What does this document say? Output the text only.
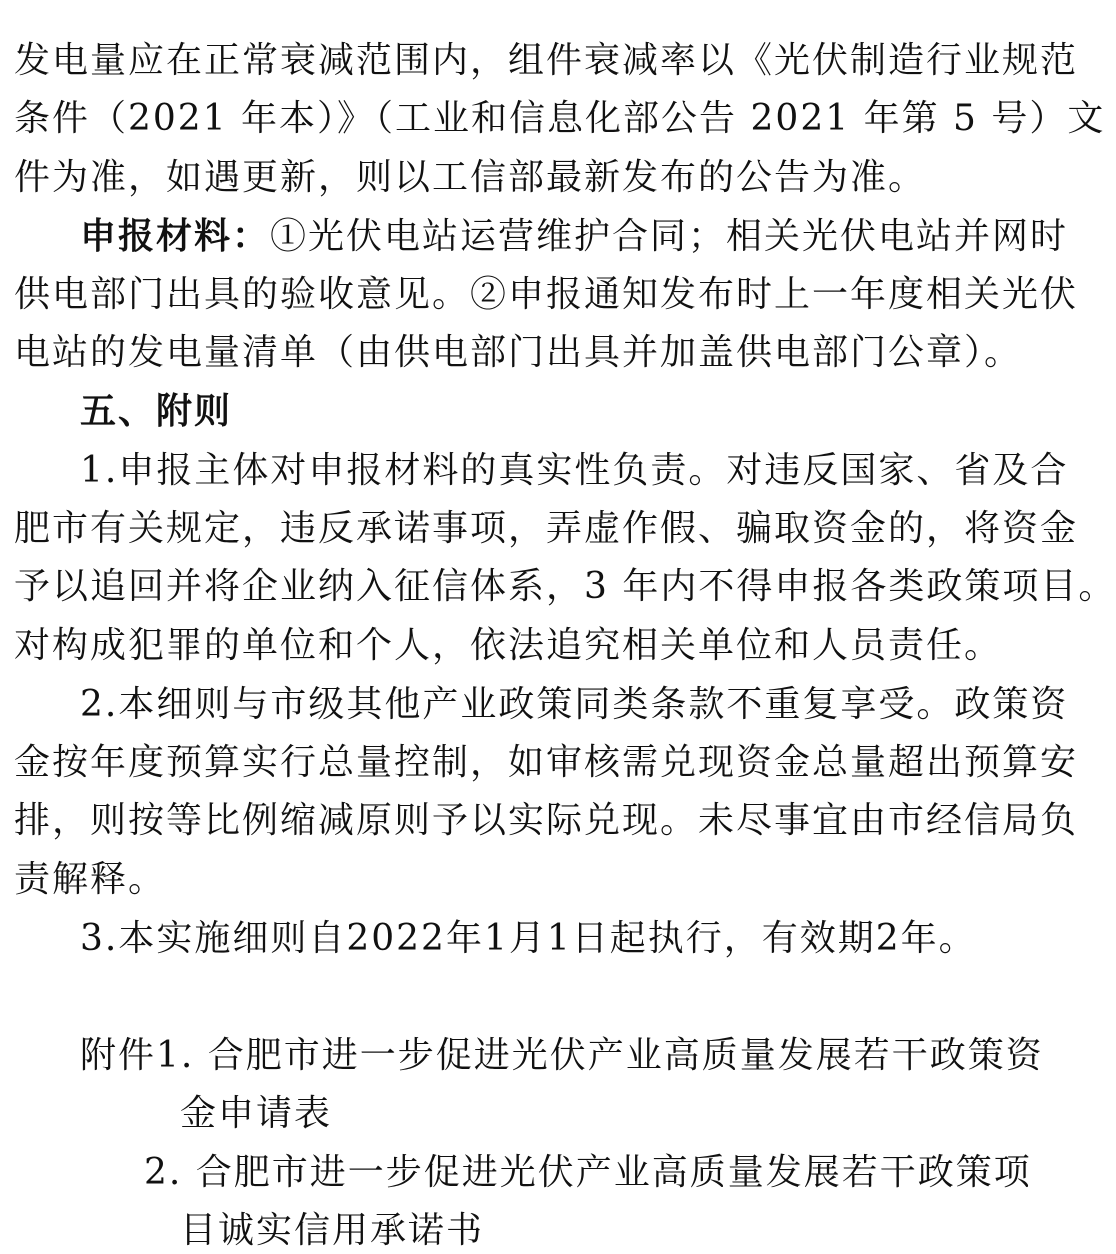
发电量应在正常衰减范围内，组件衰减率以《光伏制造行业规范
条件（2021 年本）》（工业和信息化部公告 2021 年第 5 号）文
件为准，如遇更新，则以工信部最新发布的公告为准。
申报材料：①光伏电站运营维护合同；相关光伏电站并网时
供电部门出具的验收意见。②申报通知发布时上一年度相关光伏
电站的发电量清单（由供电部门出具并加盖供电部门公章）。
五、附则
1.申报主体对申报材料的真实性负责。对违反国家、省及合
肥市有关规定，违反承诺事项，弄虚作假、骗取资金的，将资金
予以追回并将企业纳入征信体系，3 年内不得申报各类政策项目。
对构成犯罪的单位和个人，依法追究相关单位和人员责任。
2.本细则与市级其他产业政策同类条款不重复享受。政策资
金按年度预算实行总量控制，如审核需兑现资金总量超出预算安
排，则按等比例缩减原则予以实际兑现。未尽事宜由市经信局负
责解释。
3.本实施细则自2022年1月1日起执行，有效期2年。
附件1. 合肥市进一步促进光伏产业高质量发展若干政策资
金申请表
2. 合肥市进一步促进光伏产业高质量发展若干政策项
目诚实信用承诺书
